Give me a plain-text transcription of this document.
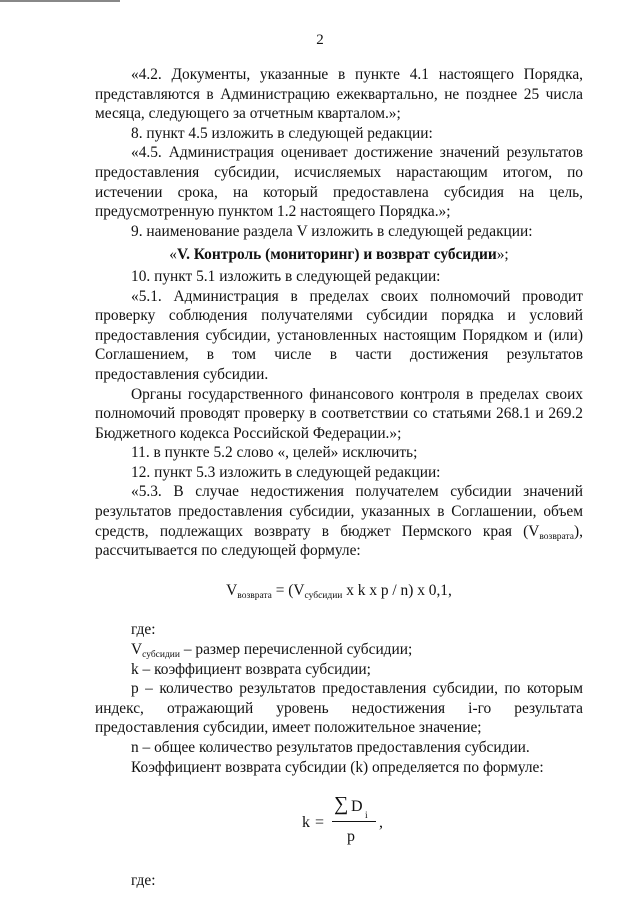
2

«4.2. Документы, указанные в пункте 4.1 настоящего Порядка, представляются в Администрацию ежеквартально, не позднее 25 числа месяца, следующего за отчетным кварталом.»;

8. пункт 4.5 изложить в следующей редакции:

«4.5. Администрация оценивает достижение значений результатов предоставления субсидии, исчисляемых нарастающим итогом, по истечении срока, на который предоставлена субсидия на цель, предусмотренную пунктом 1.2 настоящего Порядка.»;

9. наименование раздела V изложить в следующей редакции:

«V. Контроль (мониторинг) и возврат субсидии»;

10. пункт 5.1 изложить в следующей редакции:

«5.1. Администрация в пределах своих полномочий проводит проверку соблюдения получателями субсидии порядка и условий предоставления субсидии, установленных настоящим Порядком и (или) Соглашением, в том числе в части достижения результатов предоставления субсидии.

Органы государственного финансового контроля в пределах своих полномочий проводят проверку в соответствии со статьями 268.1 и 269.2 Бюджетного кодекса Российской Федерации.»;

11. в пункте 5.2 слово «, целей» исключить;

12. пункт 5.3 изложить в следующей редакции:

«5.3. В случае недостижения получателем субсидии значений результатов предоставления субсидии, указанных в Соглашении, объем средств, подлежащих возврату в бюджет Пермского края $(V_{возврата})$, рассчитывается по следующей формуле:

$V_{возврата} = (V_{субсидии}$ x k x p / n) x 0,1,

где:

$V_{субсидии}$ – размер перечисленной субсидии;

k – коэффициент возврата субсидии;

p – количество результатов предоставления субсидии, по которым индекс, отражающий уровень недостижения i-го результата предоставления субсидии, имеет положительное значение;

n – общее количество результатов предоставления субсидии.

Коэффициент возврата субсидии (k) определяется по формуле:

k =
∑ D
i
p
,

где:
